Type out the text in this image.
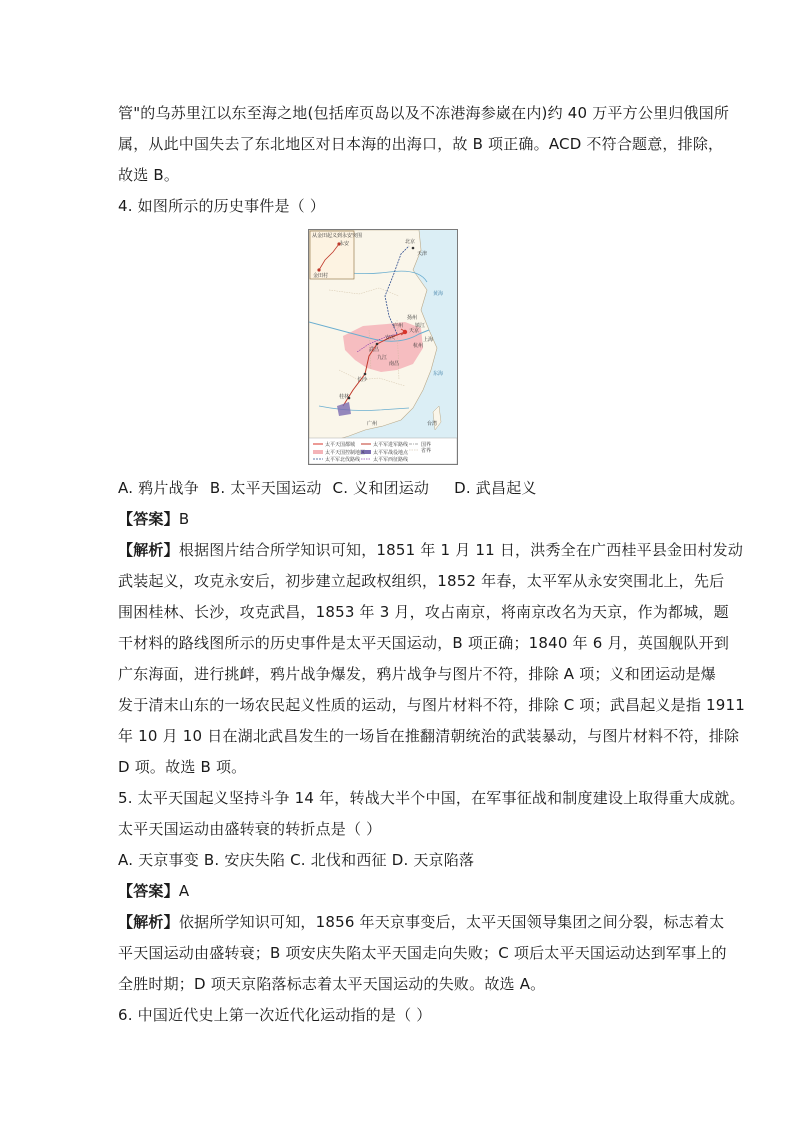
管"的乌苏里江以东至海之地(包括库页岛以及不冻港海参崴在内)约 40 万平方公里归俄国所
属，从此中国失去了东北地区对日本海的出海口，故 B 项正确。ACD 不符合题意，排除，
故选 B。
4. 如图所示的历史事件是（ ）
从金田起义到永安突围
金田村
永安
桂林
长沙
武昌
天京
上海
天津
北京
黄海
东海
台湾
广州
杭州
安庆
九江
南昌
扬州
镇江
庐州
太平天国都城
太平天国控制地区
太平军北伐路线
太平军进军路线
太平军战役地点
太平军西征路线
国界
省界
A. 鸦片战争 B. 太平天国运动 C. 义和团运动 D. 武昌起义
【答案】B
【解析】根据图片结合所学知识可知，1851 年 1 月 11 日，洪秀全在广西桂平县金田村发动
武装起义，攻克永安后，初步建立起政权组织，1852 年春，太平军从永安突围北上，先后
围困桂林、长沙，攻克武昌，1853 年 3 月，攻占南京，将南京改名为天京，作为都城，题
干材料的路线图所示的历史事件是太平天国运动，B 项正确；1840 年 6 月，英国舰队开到
广东海面，进行挑衅，鸦片战争爆发，鸦片战争与图片不符，排除 A 项；义和团运动是爆
发于清末山东的一场农民起义性质的运动，与图片材料不符，排除 C 项；武昌起义是指 1911
年 10 月 10 日在湖北武昌发生的一场旨在推翻清朝统治的武装暴动，与图片材料不符，排除
D 项。故选 B 项。
5. 太平天国起义坚持斗争 14 年，转战大半个中国，在军事征战和制度建设上取得重大成就。
太平天国运动由盛转衰的转折点是（ ）
A. 天京事变 B. 安庆失陷 C. 北伐和西征 D. 天京陷落
【答案】A
【解析】依据所学知识可知，1856 年天京事变后，太平天国领导集团之间分裂，标志着太
平天国运动由盛转衰；B 项安庆失陷太平天国走向失败；C 项后太平天国运动达到军事上的
全胜时期；D 项天京陷落标志着太平天国运动的失败。故选 A。
6. 中国近代史上第一次近代化运动指的是（ ）
